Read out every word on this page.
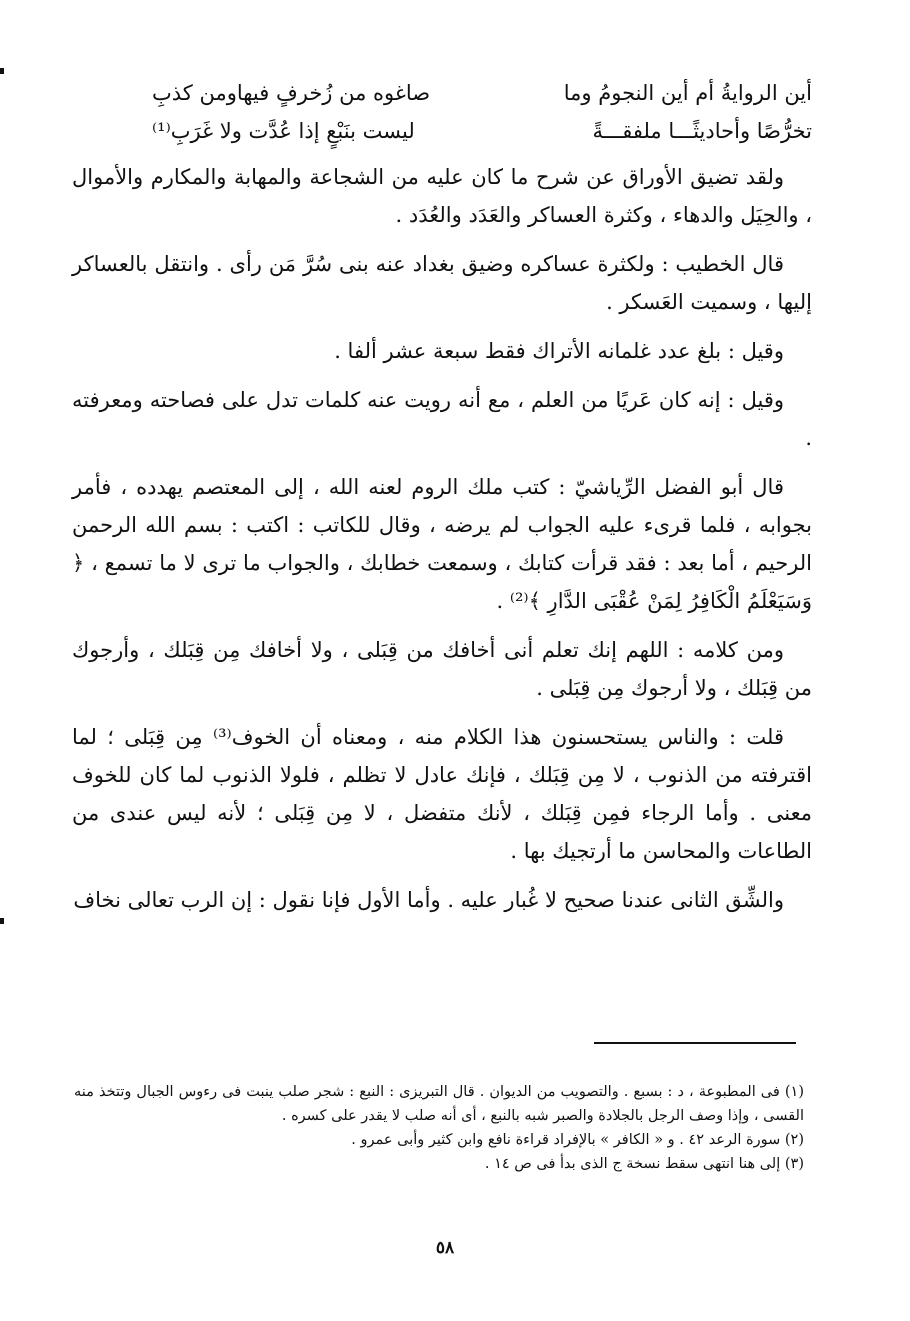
أين الروايةُ أم أين النجومُ وما
صاغوه من زُخرفٍ فيهاومن كذبِ
تخرُّصًا وأحاديثًـــا ملفقـــةً
ليست بنَبْعٍ إذا عُدَّت ولا غَرَبِ⁽¹⁾

ولقد تضيق الأوراق عن شرح ما كان عليه من الشجاعة والمهابة والمكارم والأموال ، والحِيَل والدهاء ، وكثرة العساكر والعَدَد والعُدَد .

قال الخطيب : ولكثرة عساكره وضيق بغداد عنه بنى سُرَّ مَن رأى . وانتقل بالعساكر إليها ، وسميت العَسكر .

وقيل : بلغ عدد غلمانه الأتراك فقط سبعة عشر ألفا .

وقيل : إنه كان عَريًا من العلم ، مع أنه رويت عنه كلمات تدل على فصاحته ومعرفته .

قال أبو الفضل الرِّياشيّ : كتب ملك الروم لعنه الله ، إلى المعتصم يهدده ، فأمر بجوابه ، فلما قرىء عليه الجواب لم يرضه ، وقال للكاتب : اكتب : بسم الله الرحمن الرحيم ، أما بعد : فقد قرأت كتابك ، وسمعت خطابك ، والجواب ما ترى لا ما تسمع ، ﴿ وَسَيَعْلَمُ الْكَافِرُ لِمَنْ عُقْبَى الدَّارِ ﴾⁽²⁾ .

ومن كلامه : اللهم إنك تعلم أنى أخافك من قِبَلى ، ولا أخافك مِن قِبَلك ، وأرجوك من قِبَلك ، ولا أرجوك مِن قِبَلى .

قلت : والناس يستحسنون هذا الكلام منه ، ومعناه أن الخوف⁽³⁾ مِن قِبَلى ؛ لما اقترفته من الذنوب ، لا مِن قِبَلك ، فإنك عادل لا تظلم ، فلولا الذنوب لما كان للخوف معنى . وأما الرجاء فمِن قِبَلك ، لأنك متفضل ، لا مِن قِبَلى ؛ لأنه ليس عندى من الطاعات والمحاسن ما أرتجيك بها .

والشِّق الثانى عندنا صحيح لا غُبار عليه . وأما الأول فإنا نقول : إن الرب تعالى نخاف

(١) فى المطبوعة ، د : بسبع . والتصويب من الديوان . قال التبريزى : النبع : شجر صلب ينبت فى رءوس الجبال وتتخذ منه القسى ، وإذا وصف الرجل بالجلادة والصبر شبه بالنبع ، أى أنه صلب لا يقدر على كسره .

(٢) سورة الرعد ٤٢ . و « الكافر » بالإفراد قراءة نافع وابن كثير وأبى عمرو .

(٣) إلى هنا انتهى سقط نسخة ج الذى بدأ فى ص ١٤ .

٥٨
